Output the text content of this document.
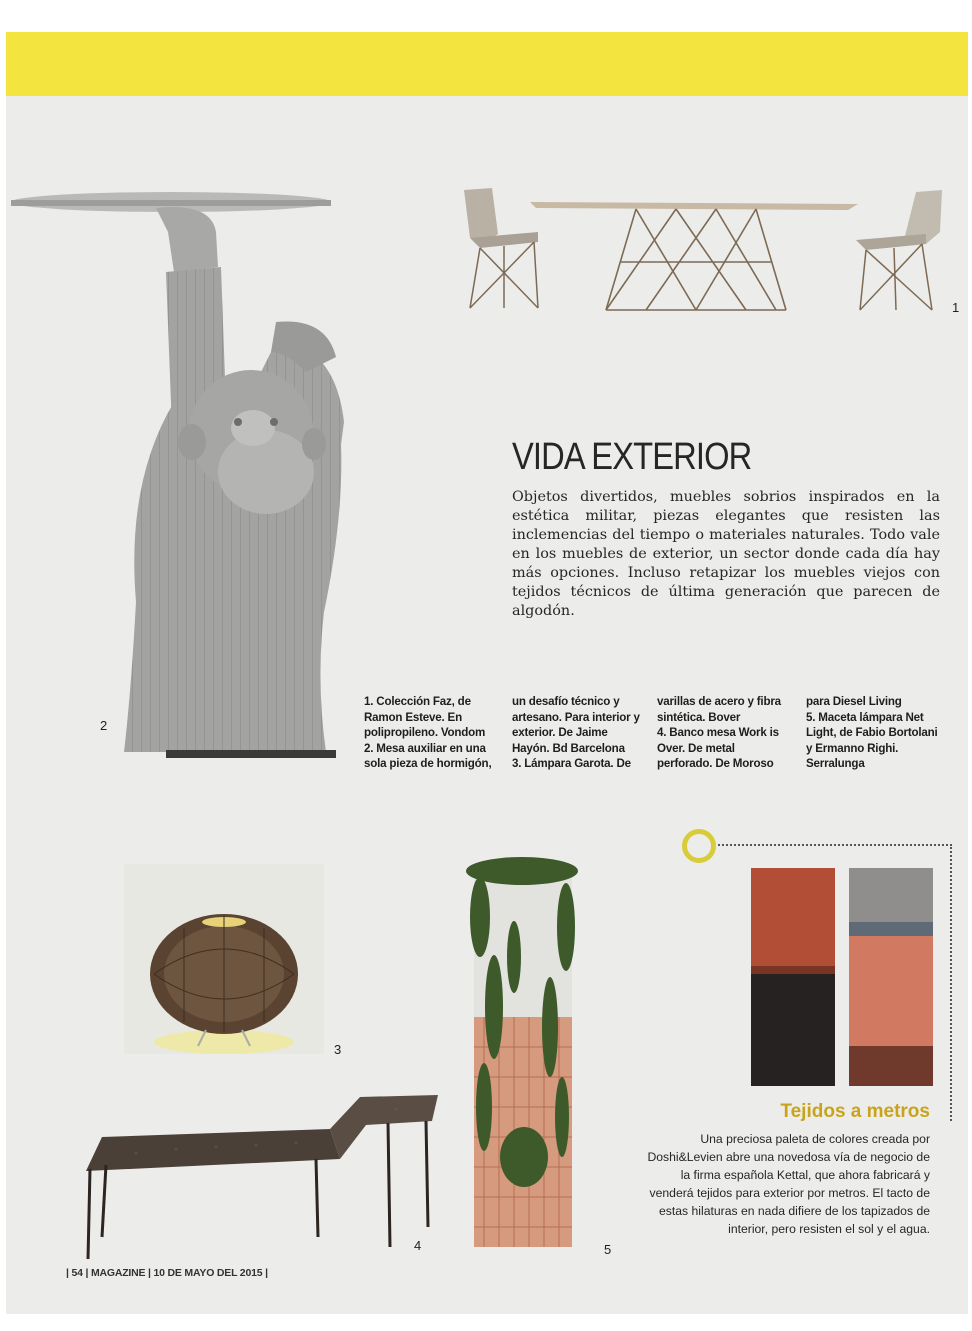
1
2
VIDA EXTERIOR

Objetos divertidos, muebles sobrios inspirados en la estética militar, piezas elegantes que resisten las inclemencias del tiempo o materiales naturales. Todo vale en los muebles de exterior, un sector donde cada día hay más opciones. Incluso retapizar los muebles viejos con tejidos técnicos de última generación que parecen de algodón.

1. Colección Faz, de
Ramon Esteve. En
polipropileno. Vondom
2. Mesa auxiliar en una
sola pieza de hormigón,
un desafío técnico y
artesano. Para interior y
exterior. De Jaime
Hayón. Bd Barcelona
3. Lámpara Garota. De
varillas de acero y fibra
sintética. Bover
4. Banco mesa Work is
Over. De metal
perforado. De Moroso
para Diesel Living
5. Maceta lámpara Net
Light, de Fabio Bortolani
y Ermanno Righi.
Serralunga
3
5
4
Tejidos a metros
Una preciosa paleta de colores creada por
Doshi&Levien abre una novedosa vía de negocio de
la firma española Kettal, que ahora fabricará y
venderá tejidos para exterior por metros. El tacto de
estas hilaturas en nada difiere de los tapizados de
interior, pero resisten el sol y el agua.
| 54 | MAGAZINE | 10 DE MAYO DEL 2015 |
